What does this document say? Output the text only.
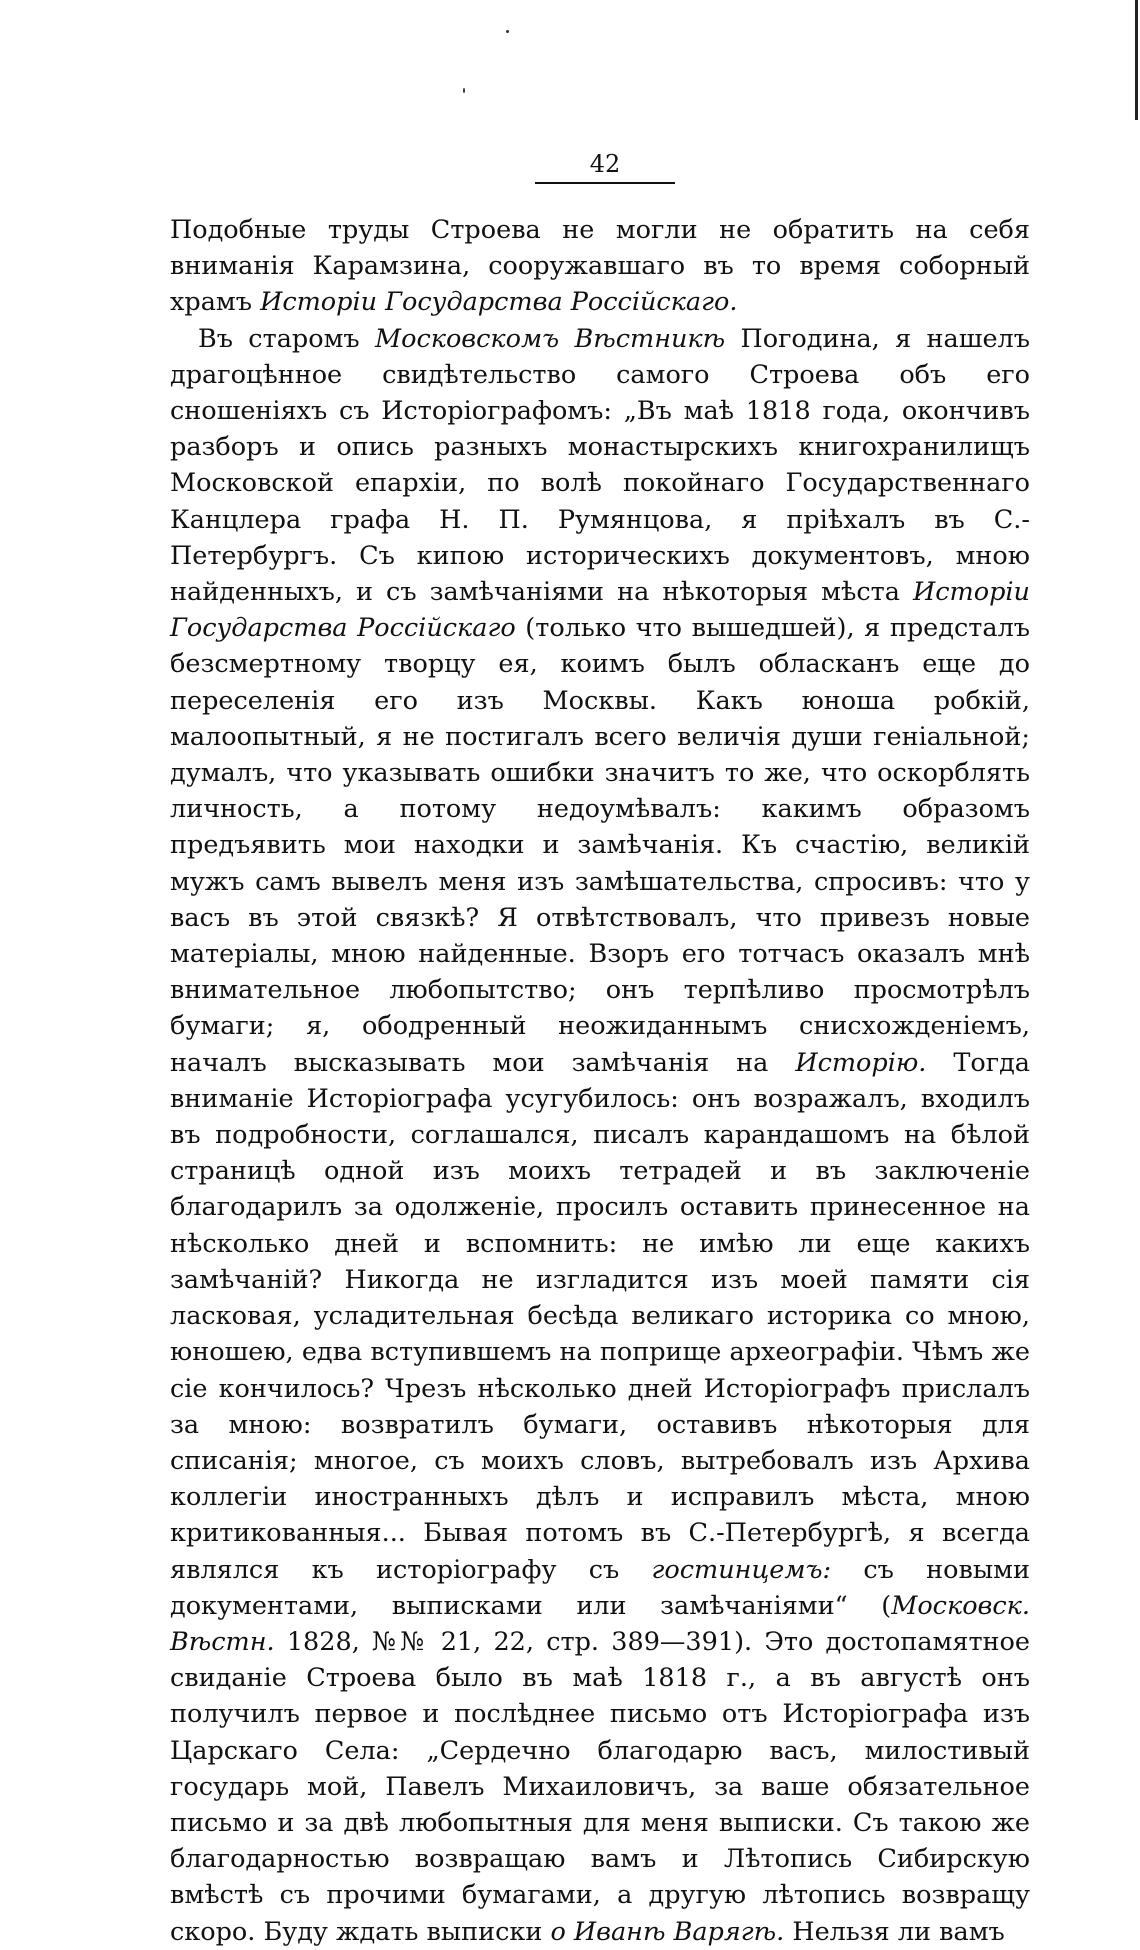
42

Подобные труды Строева не могли не обратить на себя вниманія Карамзина, сооружавшаго въ то время соборный храмъ Исторіи Государства Россійскаго.

Въ старомъ Московскомъ Вѣстникѣ Погодина, я нашелъ драгоцѣнное свидѣтельство самого Строева объ его сношеніяхъ съ Исторіографомъ: „Въ маѣ 1818 года, окончивъ разборъ и опись разныхъ монастырскихъ книгохранилищъ Московской епархіи, по волѣ покойнаго Государственнаго Канцлера графа Н. П. Румянцова, я пріѣхалъ въ С.-Петербургъ. Съ кипою историческихъ документовъ, мною найденныхъ, и съ замѣчаніями на нѣкоторыя мѣста Исторіи Государства Россійскаго (только что вышедшей), я предсталъ безсмертному творцу ея, коимъ былъ обласканъ еще до переселенія его изъ Москвы. Какъ юноша робкій, малоопытный, я не постигалъ всего величія души геніальной; думалъ, что указывать ошибки значитъ то же, что оскорблять личность, а потому недоумѣвалъ: какимъ образомъ предъявить мои находки и замѣчанія. Къ счастію, великій мужъ самъ вывелъ меня изъ замѣшательства, спросивъ: что у васъ въ этой связкѣ? Я отвѣтствовалъ, что привезъ новые матеріалы, мною найденные. Взоръ его тотчасъ оказалъ мнѣ внимательное любопытство; онъ терпѣливо просмотрѣлъ бумаги; я, ободренный неожиданнымъ снисхожденіемъ, началъ высказывать мои замѣчанія на Исторію. Тогда вниманіе Исторіографа усугубилось: онъ возражалъ, входилъ въ подробности, соглашался, писалъ карандашомъ на бѣлой страницѣ одной изъ моихъ тетрадей и въ заключеніе благодарилъ за одолженіе, просилъ оставить принесенное на нѣсколько дней и вспомнить: не имѣю ли еще какихъ замѣчаній? Никогда не изгладится изъ моей памяти сія ласковая, усладительная бесѣда великаго историка со мною, юношею, едва вступившемъ на поприще археографіи. Чѣмъ же сіе кончилось? Чрезъ нѣсколько дней Исторіографъ прислалъ за мною: возвратилъ бумаги, оставивъ нѣкоторыя для списанія; многое, съ моихъ словъ, вытребовалъ изъ Архива коллегіи иностранныхъ дѣлъ и исправилъ мѣста, мною критикованныя... Бывая потомъ въ С.-Петербургѣ, я всегда являлся къ исторіографу съ гостинцемъ: съ новыми документами, выписками или замѣчаніями“ (Московск. Вѣстн. 1828, №№ 21, 22, стр. 389—391). Это достопамятное свиданіе Строева было въ маѣ 1818 г., а въ августѣ онъ получилъ первое и послѣднее письмо отъ Исторіографа изъ Царскаго Села: „Сердечно благодарю васъ, милостивый государь мой, Павелъ Михаиловичъ, за ваше обязательное письмо и за двѣ любопытныя для меня выписки. Съ такою же благодарностью возвращаю вамъ и Лѣтопись Сибирскую вмѣстѣ съ прочими бумагами, а другую лѣтопись возвращу скоро. Буду ждать выписки о Иванѣ Варягѣ. Нельзя ли вамъ
